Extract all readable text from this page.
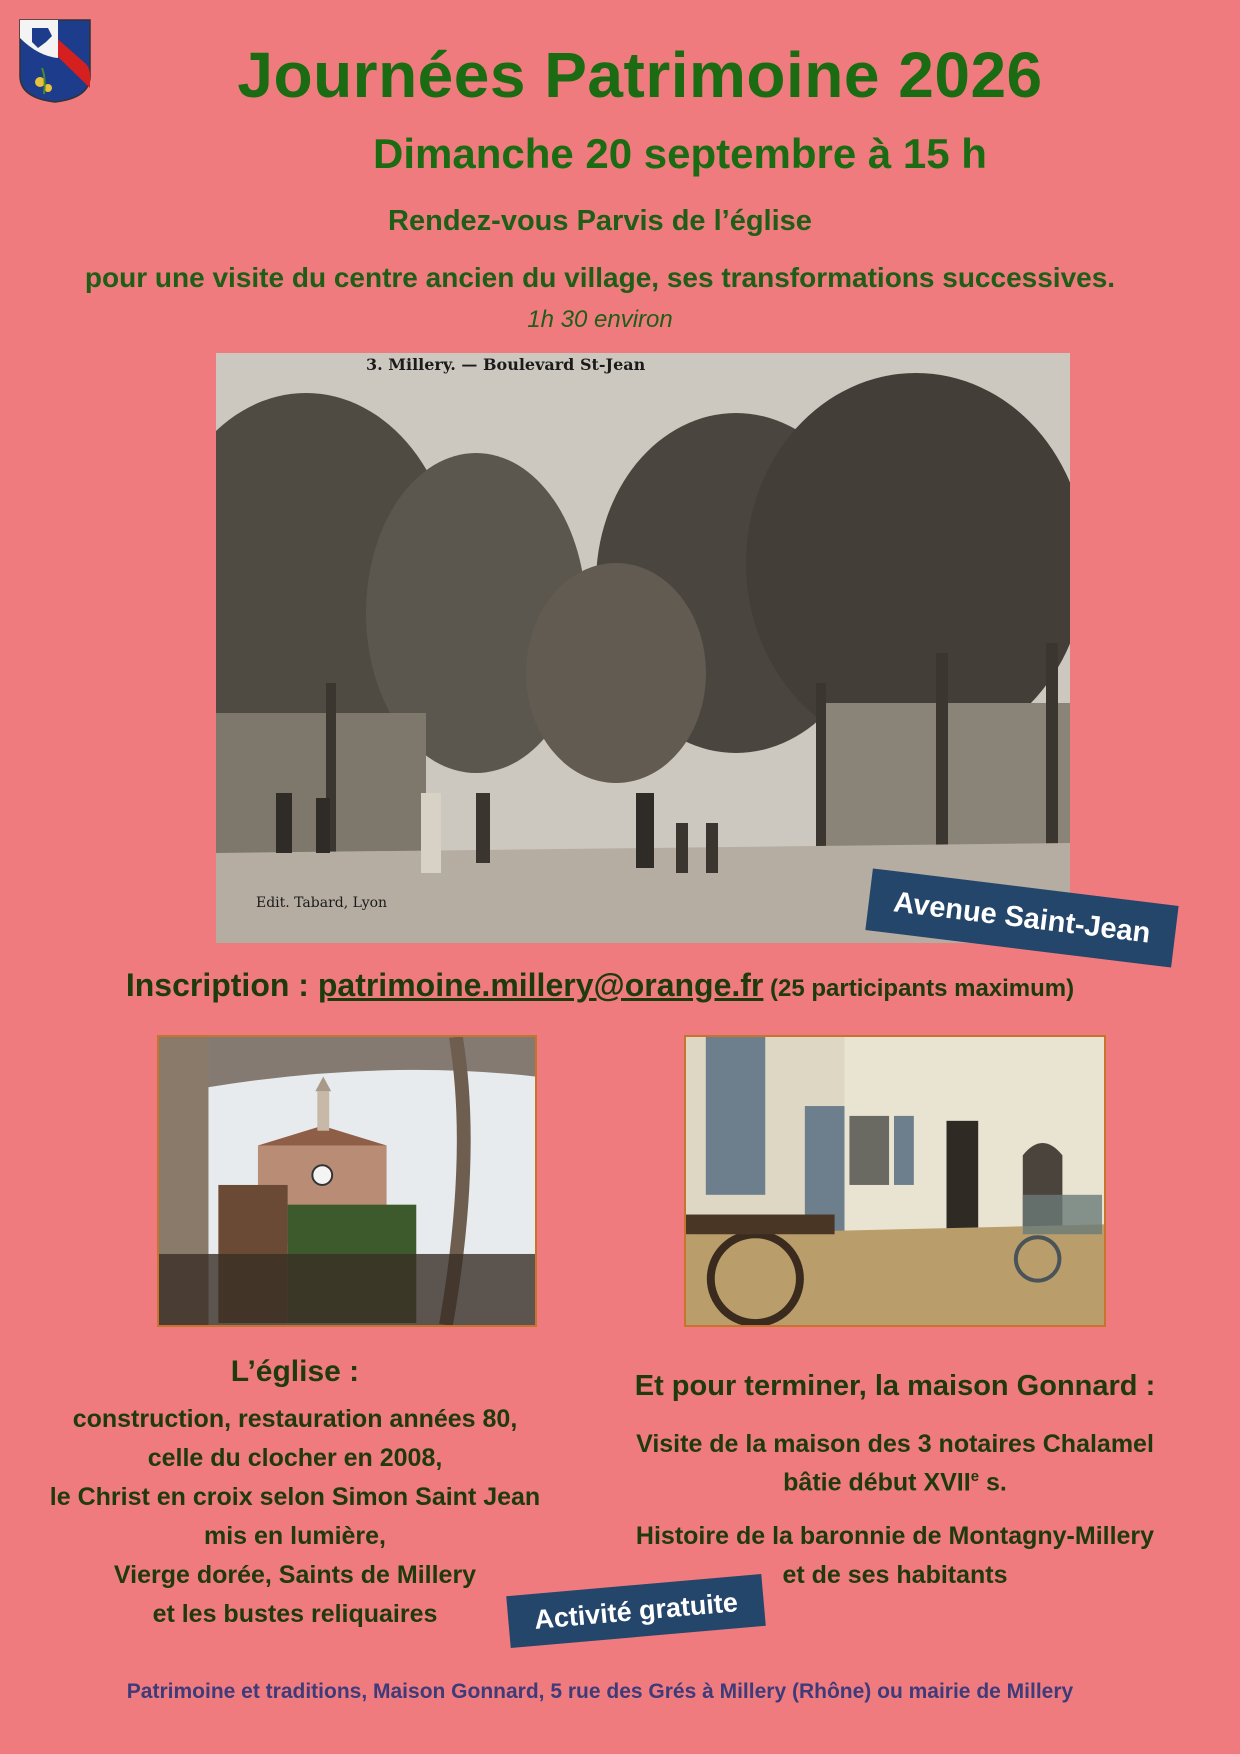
Journées Patrimoine 2026
Dimanche 20 septembre à 15 h
Rendez-vous Parvis de l’église
pour une visite du centre ancien du village, ses transformations successives.
1h 30 environ
3. Millery. — Boulevard St-Jean
Edit. Tabard, Lyon	Avenue Saint-Jean
Inscription : patrimoine.millery@orange.fr (25 participants maximum)
L’église :
construction, restauration années 80,
celle du clocher en 2008,
le Christ en croix selon Simon Saint Jean
mis en lumière,
Vierge dorée, Saints de Millery
et les bustes reliquaires
Et pour terminer, la maison Gonnard :
Visite de la maison des 3 notaires Chalamel
bâtie début XVIIe s.
Histoire de la baronnie de Montagny-Millery
et de ses habitants
Activité gratuite
Patrimoine et traditions, Maison Gonnard, 5 rue des Grés à Millery (Rhône) ou mairie de Millery
